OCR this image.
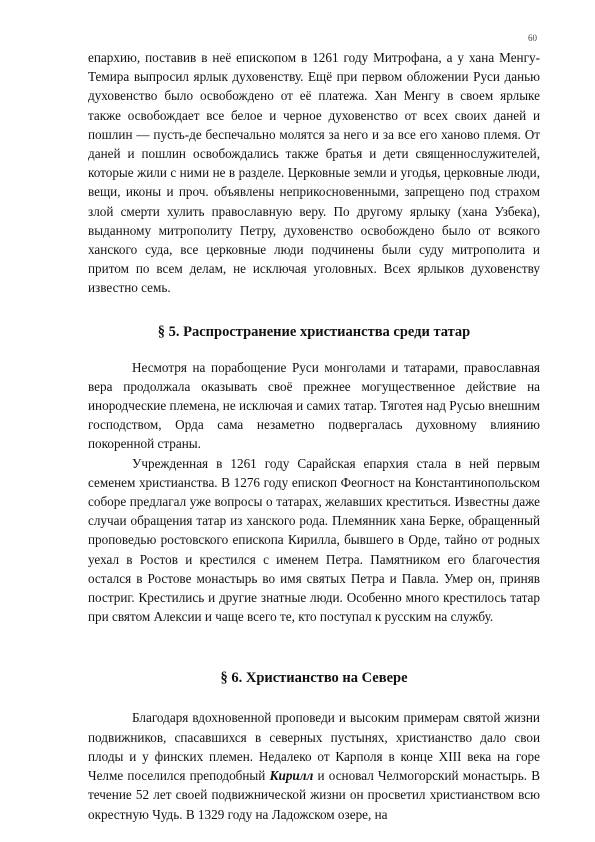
60

епархию, поставив в неё епископом в 1261 году Митрофана, а у хана Менгу-Темира выпросил ярлык духовенству. Ещё при первом обложении Руси данью духовенство было освобождено от её платежа. Хан Менгу в своем ярлыке также освобождает все белое и черное духовенство от всех своих даней и пошлин — пусть-де беспечально молятся за него и за все его ханово племя. От даней и пошлин освобождались также братья и дети священнослужителей, которые жили с ними не в разделе. Церковные земли и угодья, церковные люди, вещи, иконы и проч. объявлены неприкосновенными, запрещено под страхом злой смерти хулить православную веру. По другому ярлыку (хана Узбека), выданному митрополиту Петру, духовенство освобождено было от всякого ханского суда, все церковные люди подчинены были суду митрополита и притом по всем делам, не исключая уголовных. Всех ярлыков духовенству известно семь.

§ 5. Распространение христианства среди татар

Несмотря на порабощение Руси монголами и татарами, православная вера продолжала оказывать своё прежнее могущественное действие на инородческие племена, не исключая и самих татар. Тяготея над Русью внешним господством, Орда сама незаметно подвергалась духовному влиянию покоренной страны.

Учрежденная в 1261 году Сарайская епархия стала в ней первым семенем христианства. В 1276 году епископ Феогност на Константинопольском соборе предлагал уже вопросы о татарах, желавших креститься. Известны даже случаи обращения татар из ханского рода. Племянник хана Берке, обращенный проповедью ростовского епископа Кирилла, бывшего в Орде, тайно от родных уехал в Ростов и крестился с именем Петра. Памятником его благочестия остался в Ростове монастырь во имя святых Петра и Павла. Умер он, приняв постриг. Крестились и другие знатные люди. Особенно много крестилось татар при святом Алексии и чаще всего те, кто поступал к русским на службу.

§ 6. Христианство на Севере

Благодаря вдохновенной проповеди и высоким примерам святой жизни подвижников, спасавшихся в северных пустынях, христианство дало свои плоды и у финских племен. Недалеко от Карполя в конце XIII века на горе Челме поселился преподобный Кирилл и основал Челмогорский монастырь. В течение 52 лет своей подвижнической жизни он просветил христианством всю окрестную Чудь. В 1329 году на Ладожском озере, на
